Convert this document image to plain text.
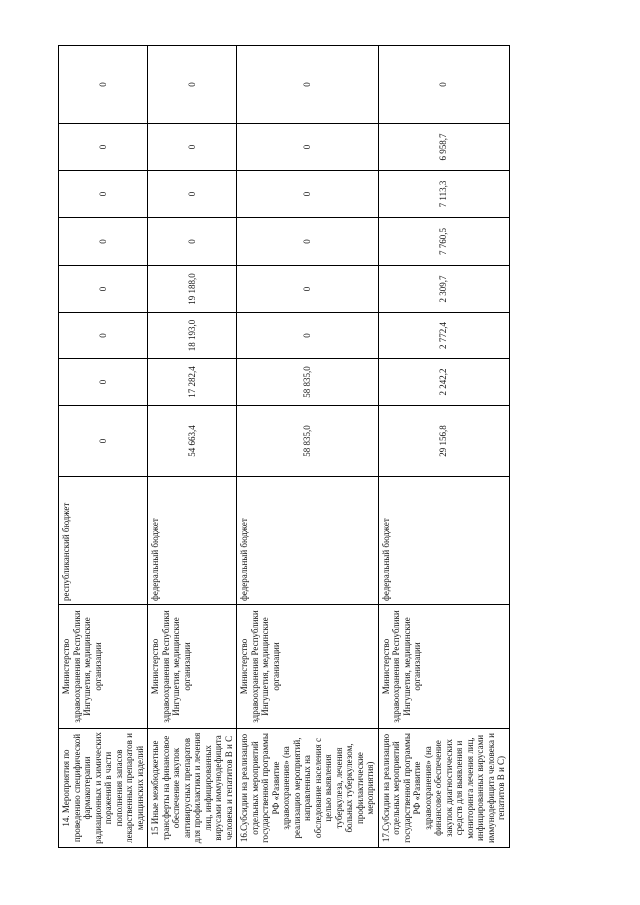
14. Мероприятия по проведению специфической фармакотерапии радиационных и химических поражений в части пополнения запасов лекарственных препаратов и медицинских изделий	Министерство здравоохранения Республики Ингушетия, медицинские организации	республиканский бюджет	0	0	0	0	0	0	0	0
15 Иные межбюджетные трансферты на финансовое обеспечение закупок антивирусных препаратов для профилактики и лечения лиц, инфицированных вирусами иммунодефицита человека и гепатитов В и С	Министерство здравоохранения Республики Ингушетия, медицинские организации	федеральный бюджет	54 663,4	17 282,4	18 193,0	19 188,0	0	0	0	0
16.Субсидии на реализацию отдельных мероприятий государственной программы РФ «Развитие здравоохранения» (на реализацию мероприятий, направленных на обследование населения с целью выявления туберкулеза, лечения больных туберкулезом, профилактические мероприятия)	Министерство здравоохранения Республики Ингушетия, медицинские организации	федеральный бюджет	58 835,0	58 835,0	0	0	0	0	0	0
17.Субсидии на реализацию отдельных мероприятий государственной программы РФ «Развитие здравоохранения» (на финансовое обеспечение закупок диагностических средств для выявления и мониторинга лечения лиц, инфицированных вирусами иммунодефицита человека и гепатитов В и С)	Министерство здравоохранения Республики Ингушетия, медицинские организации	федеральный бюджет	29 156,8	2 242,2	2 772,4	2 309,7	7 760,5	7 113,3	6 958,7	0
